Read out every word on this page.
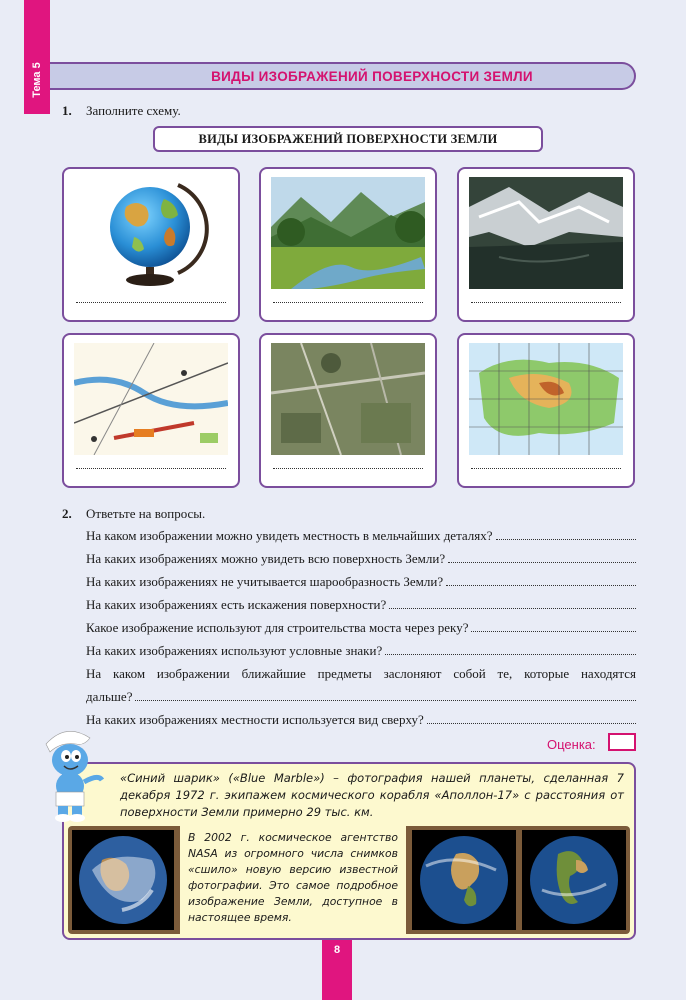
Тема 5	ВИДЫ ИЗОБРАЖЕНИЙ ПОВЕРХНОСТИ ЗЕМЛИ
1. Заполните схему.
ВИДЫ ИЗОБРАЖЕНИЙ ПОВЕРХНОСТИ ЗЕМЛИ
2. Ответьте на вопросы.
На каком изображении можно увидеть местность в мельчайших деталях?
На каких изображениях можно увидеть всю поверхность Земли?
На каких изображениях не учитывается шарообразность Земли?
На каких изображениях есть искажения поверхности?
Какое изображение используют для строительства моста через реку?
На каких изображениях используют условные знаки?
На каком изображении ближайшие предметы заслоняют собой те, которые находятся
дальше?
На каких изображениях местности используется вид сверху?
Оценка:
«Синий шарик» («Blue Marble») – фотография нашей планеты, сделанная 7 декабря 1972 г. экипажем космического корабля «Аполлон-17» с расстояния от поверхности Земли примерно 29 тыс. км.
В 2002 г. космическое агентство NASA из огромного числа снимков «сшило» новую версию известной фотографии. Это самое подробное изображение Земли, доступное в настоящее время.
8
